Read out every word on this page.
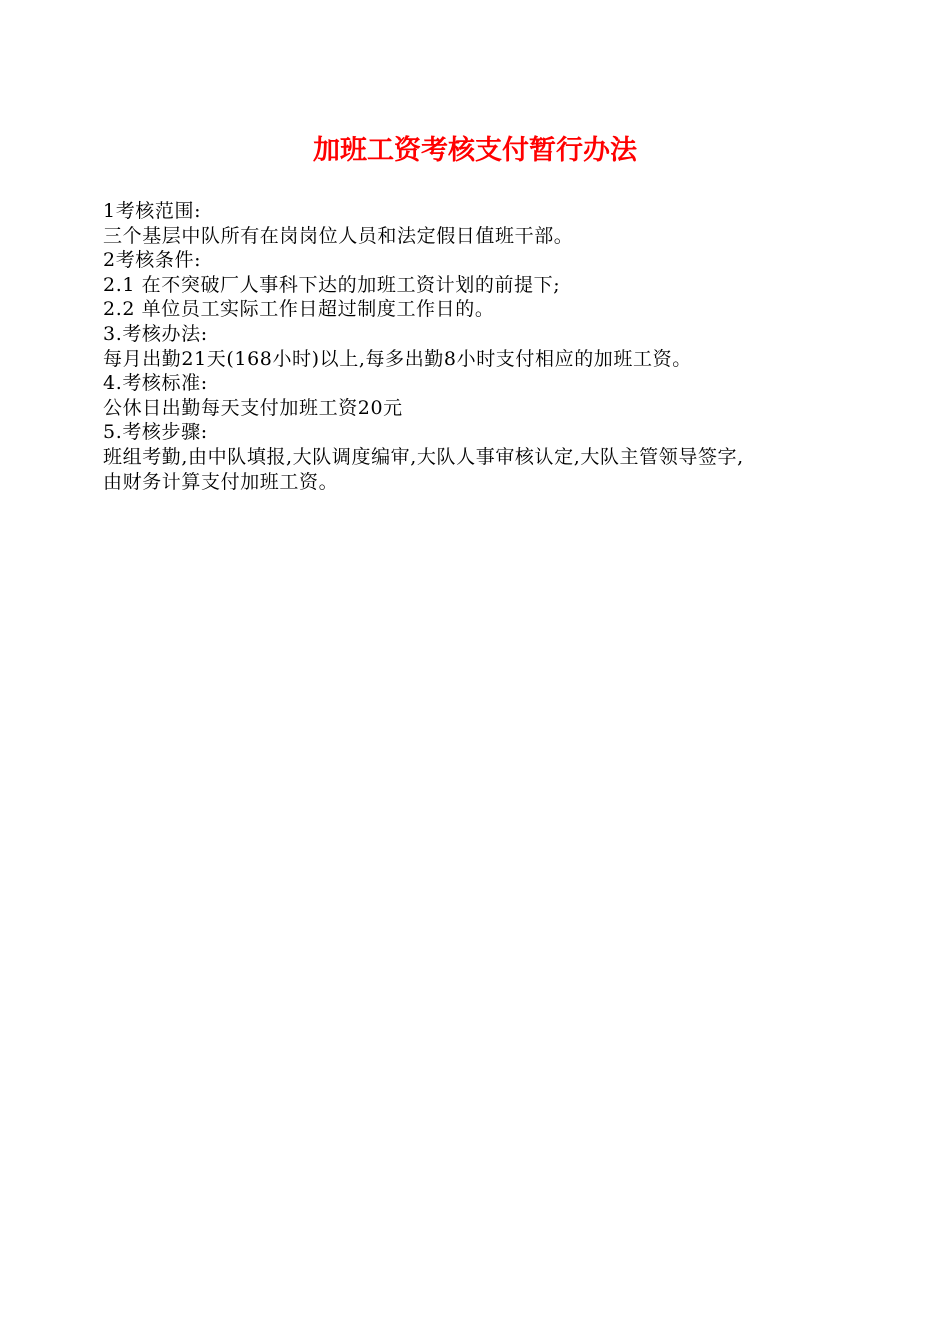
加班工资考核支付暂行办法
1考核范围:
三个基层中队所有在岗岗位人员和法定假日值班干部。
2考核条件:
2.1 在不突破厂人事科下达的加班工资计划的前提下;
2.2 单位员工实际工作日超过制度工作日的。
3.考核办法:
每月出勤21天(168小时)以上,每多出勤8小时支付相应的加班工资。
4.考核标准:
公休日出勤每天支付加班工资20元
5.考核步骤:
班组考勤,由中队填报,大队调度编审,大队人事审核认定,大队主管领导签字,
由财务计算支付加班工资。
